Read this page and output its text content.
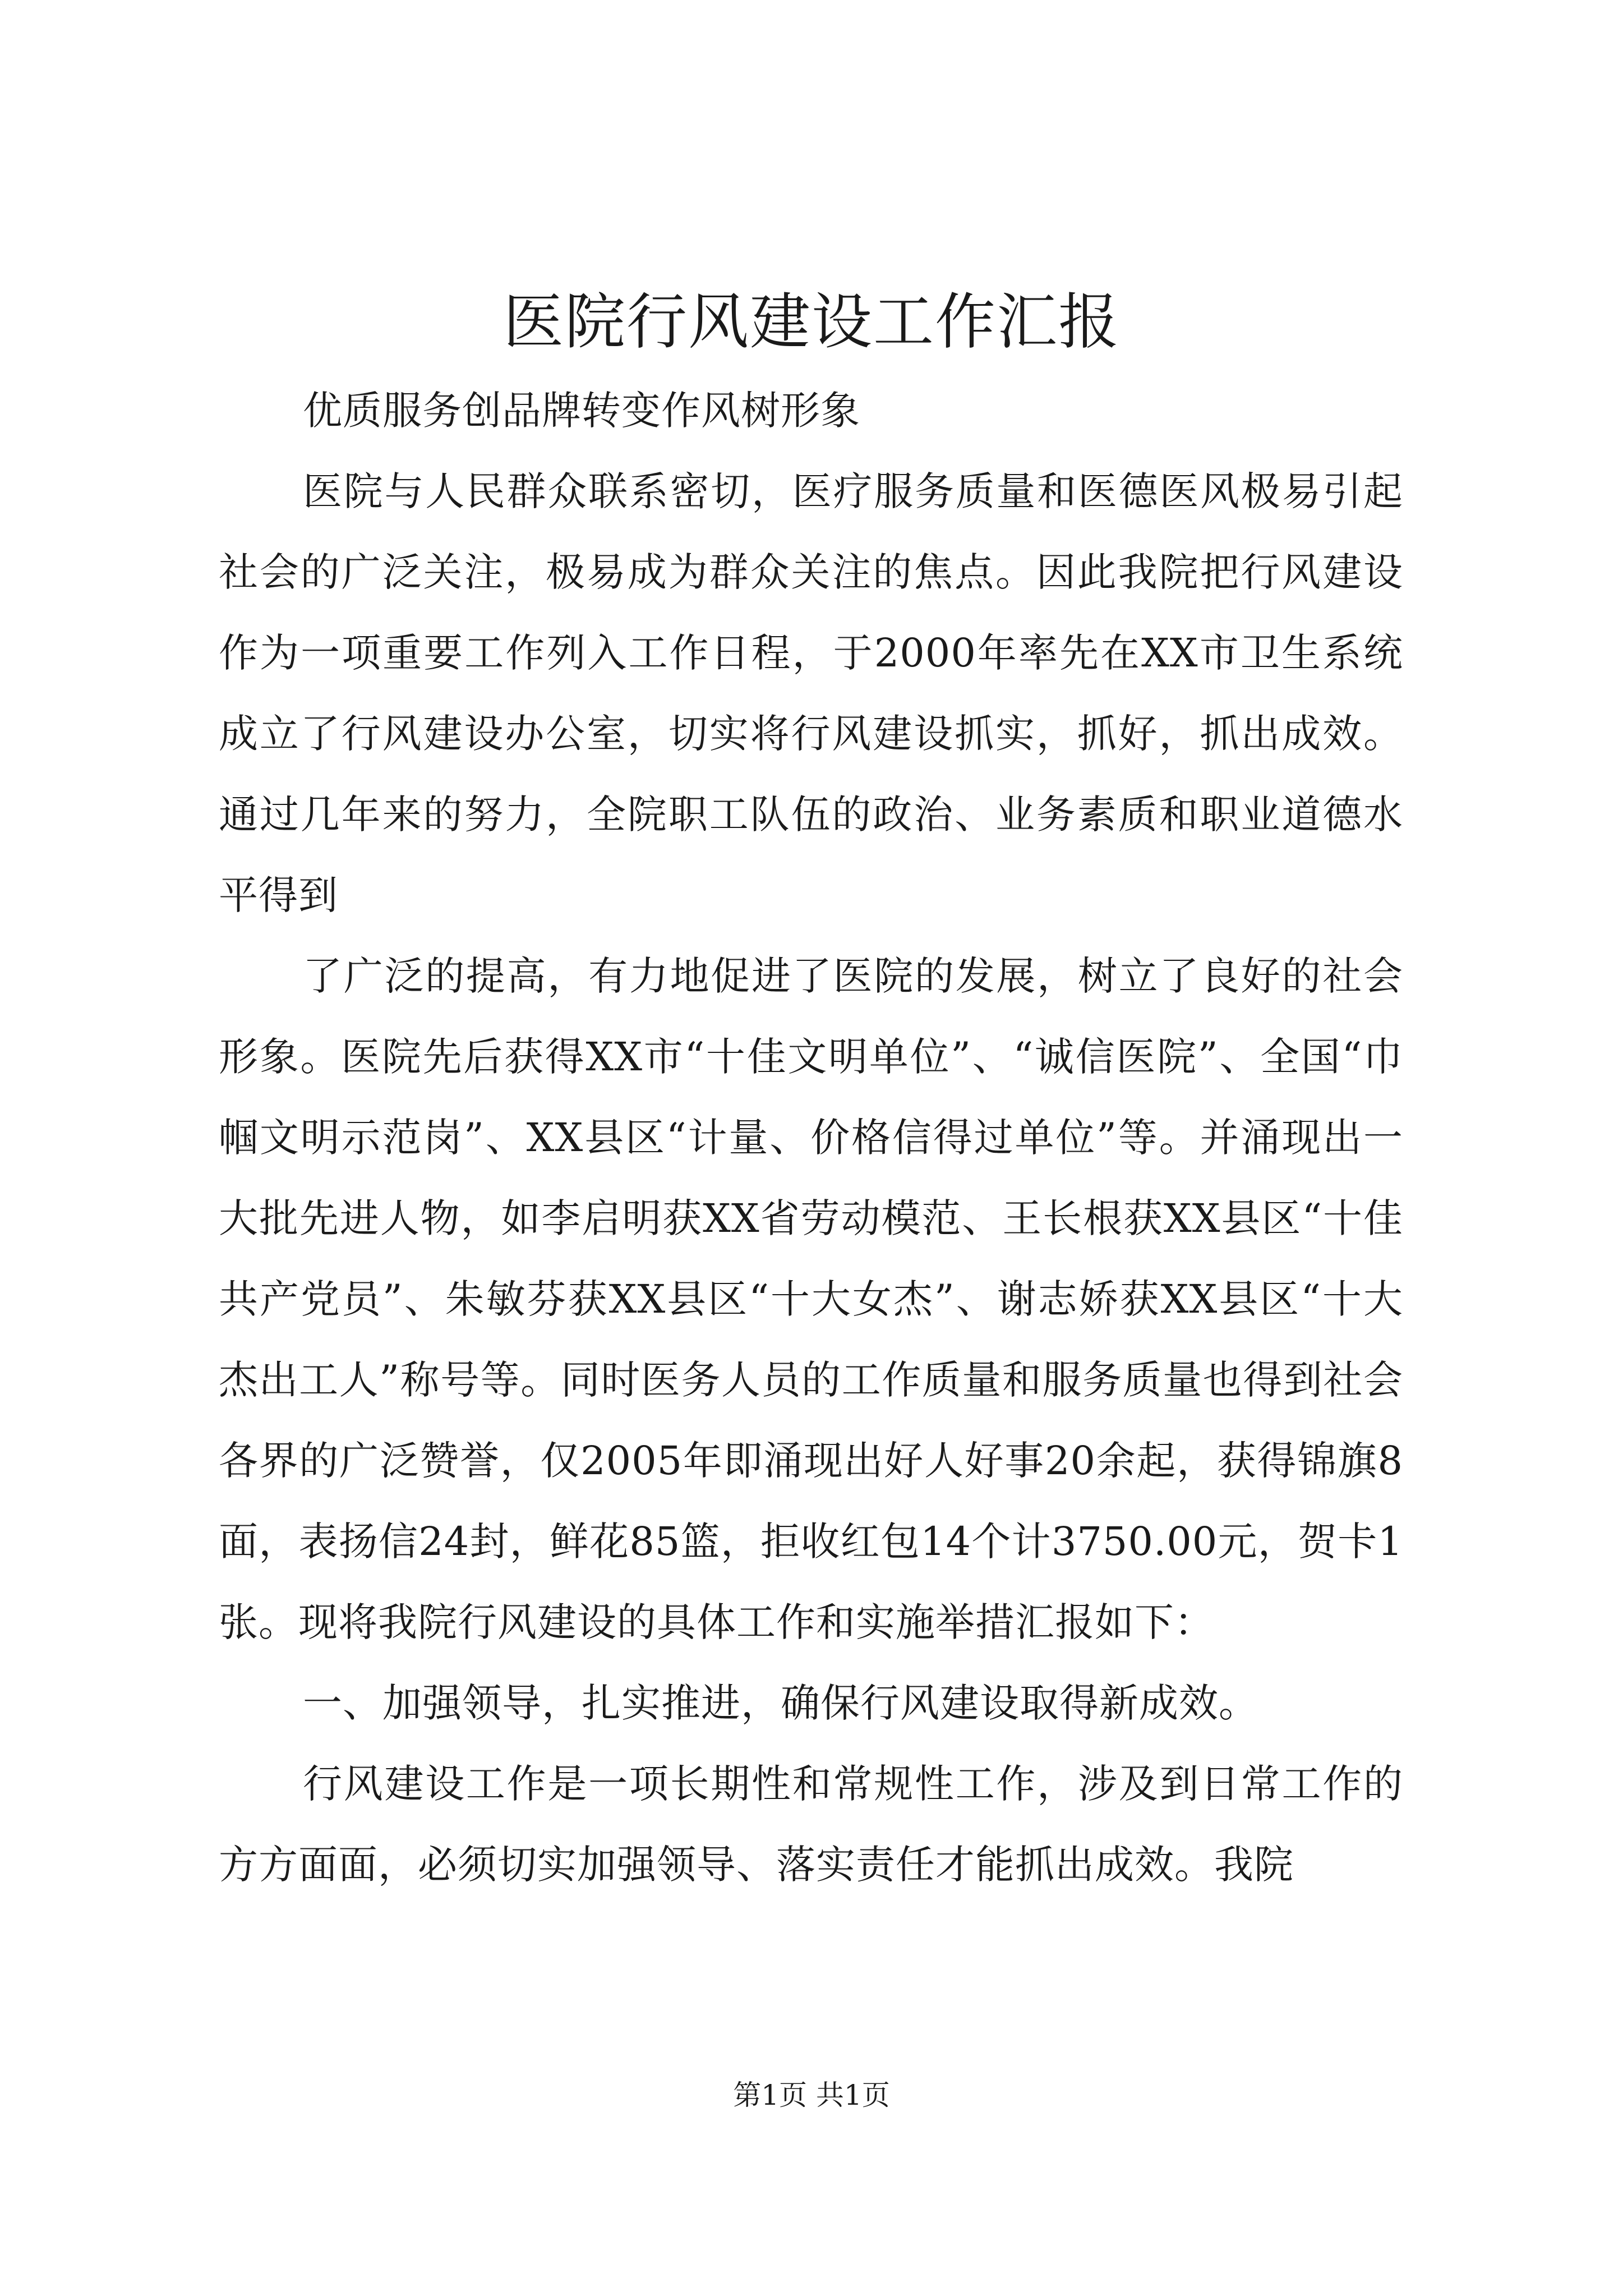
医院行风建设工作汇报

优质服务创品牌转变作风树形象

医院与人民群众联系密切，医疗服务质量和医德医风极易引起社会的广泛关注，极易成为群众关注的焦点。因此我院把行风建设作为一项重要工作列入工作日程，于2000年率先在XX市卫生系统成立了行风建设办公室，切实将行风建设抓实，抓好，抓出成效。通过几年来的努力，全院职工队伍的政治、业务素质和职业道德水平得到

了广泛的提高，有力地促进了医院的发展，树立了良好的社会形象。医院先后获得XX市“十佳文明单位”、“诚信医院”、全国“巾帼文明示范岗”、XX县区“计量、价格信得过单位”等。并涌现出一大批先进人物，如李启明获XX省劳动模范、王长根获XX县区“十佳共产党员”、朱敏芬获XX县区“十大女杰”、谢志娇获XX县区“十大杰出工人”称号等。同时医务人员的工作质量和服务质量也得到社会各界的广泛赞誉，仅2005年即涌现出好人好事20余起，获得锦旗8面，表扬信24封，鲜花85篮，拒收红包14个计3750.00元，贺卡1张。现将我院行风建设的具体工作和实施举措汇报如下：

一、加强领导，扎实推进，确保行风建设取得新成效。

行风建设工作是一项长期性和常规性工作，涉及到日常工作的方方面面，必须切实加强领导、落实责任才能抓出成效。我院

第1页 共1页
